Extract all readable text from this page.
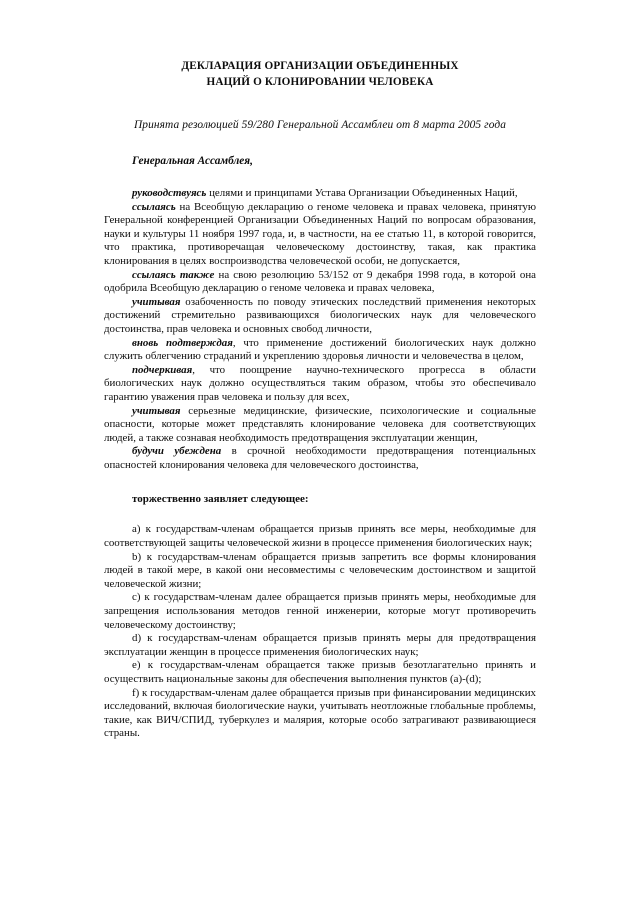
ДЕКЛАРАЦИЯ ОРГАНИЗАЦИИ ОБЪЕДИНЕННЫХ
НАЦИЙ О КЛОНИРОВАНИИ ЧЕЛОВЕКА

Принята резолюцией 59/280 Генеральной Ассамблеи от 8 марта 2005 года

Генеральная Ассамблея,

руководствуясь целями и принципами Устава Организации Объединенных Наций,

ссылаясь на Всеобщую декларацию о геноме человека и правах человека, принятую Генеральной конференцией Организации Объединенных Наций по вопросам образования, науки и культуры 11 ноября 1997 года, и, в частности, на ее статью 11, в которой говорится, что практика, противоречащая человеческому достоинству, такая, как практика клонирования в целях воспроизводства человеческой особи, не допускается,

ссылаясь также на свою резолюцию 53/152 от 9 декабря 1998 года, в которой она одобрила Всеобщую декларацию о геноме человека и правах человека,

учитывая озабоченность по поводу этических последствий применения некоторых достижений стремительно развивающихся биологических наук для человеческого достоинства, прав человека и основных свобод личности,

вновь подтверждая, что применение достижений биологических наук должно служить облегчению страданий и укреплению здоровья личности и человечества в целом,

подчеркивая, что поощрение научно-технического прогресса в области биологических наук должно осуществляться таким образом, чтобы это обеспечивало гарантию уважения прав человека и пользу для всех,

учитывая серьезные медицинские, физические, психологические и социальные опасности, которые может представлять клонирование человека для соответствующих людей, а также сознавая необходимость предотвращения эксплуатации женщин,

будучи убеждена в срочной необходимости предотвращения потенциальных опасностей клонирования человека для человеческого достоинства,

торжественно заявляет следующее:

a) к государствам-членам обращается призыв принять все меры, необходимые для соответствующей защиты человеческой жизни в процессе применения биологических наук;

b) к государствам-членам обращается призыв запретить все формы клонирования людей в такой мере, в какой они несовместимы с человеческим достоинством и защитой человеческой жизни;

c) к государствам-членам далее обращается призыв принять меры, необходимые для запрещения использования методов генной инженерии, которые могут противоречить человеческому достоинству;

d) к государствам-членам обращается призыв принять меры для предотвращения эксплуатации женщин в процессе применения биологических наук;

e) к государствам-членам обращается также призыв безотлагательно принять и осуществить национальные законы для обеспечения выполнения пунктов (a)-(d);

f) к государствам-членам далее обращается призыв при финансировании медицинских исследований, включая биологические науки, учитывать неотложные глобальные проблемы, такие, как ВИЧ/СПИД, туберкулез и малярия, которые особо затрагивают развивающиеся страны.
